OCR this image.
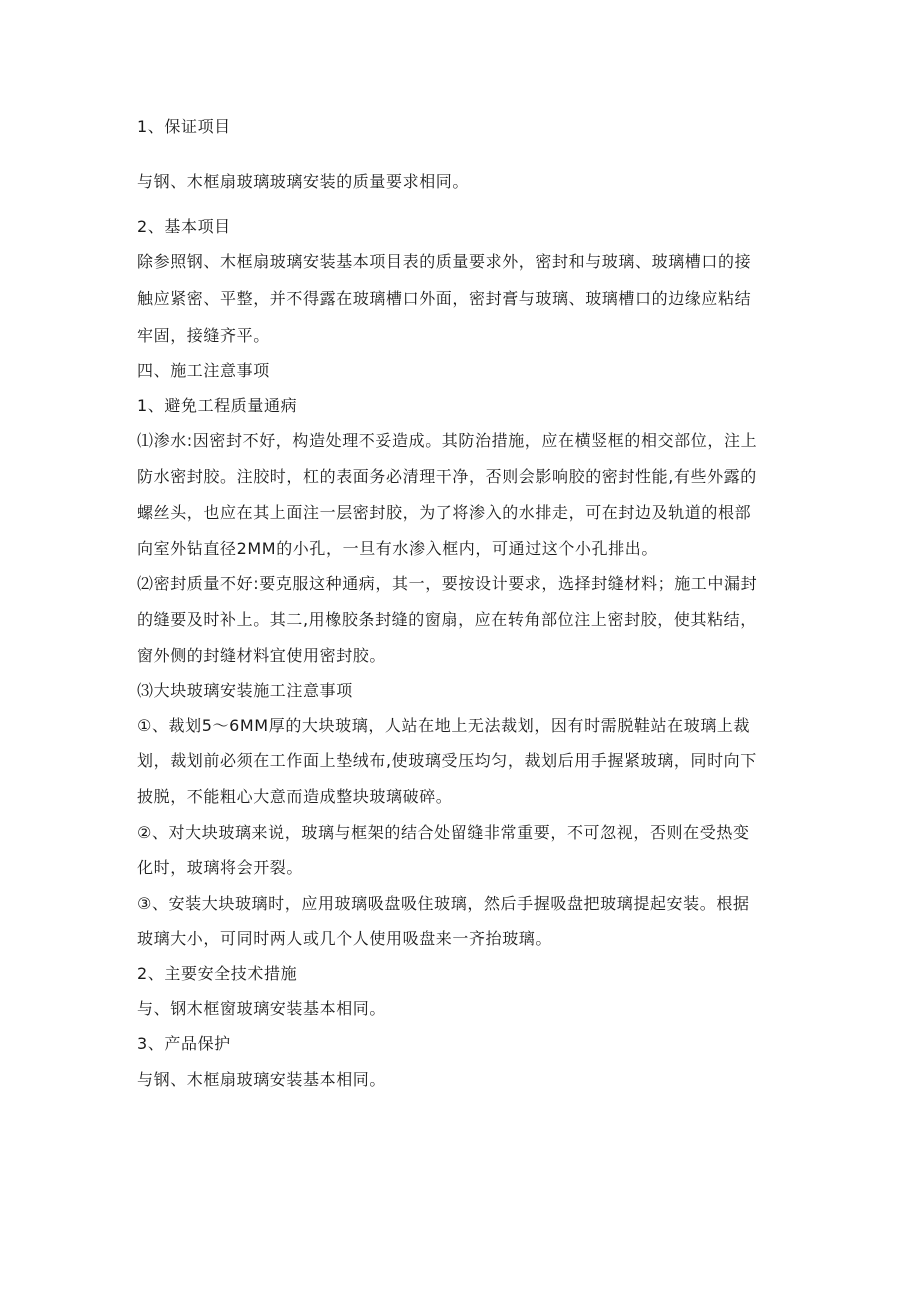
1、保证项目
与钢、木框扇玻璃玻璃安装的质量要求相同。
2、基本项目
除参照钢、木框扇玻璃安装基本项目表的质量要求外，密封和与玻璃、玻璃槽口的接
触应紧密、平整，并不得露在玻璃槽口外面，密封膏与玻璃、玻璃槽口的边缘应粘结
牢固，接缝齐平。
四、施工注意事项
1、避免工程质量通病
⑴渗水:因密封不好，构造处理不妥造成。其防治措施，应在横竖框的相交部位，注上
防水密封胶。注胶时，杠的表面务必清理干净，否则会影响胶的密封性能,有些外露的
螺丝头，也应在其上面注一层密封胶，为了将渗入的水排走，可在封边及轨道的根部
向室外钻直径2MM的小孔，一旦有水渗入框内，可通过这个小孔排出。
⑵密封质量不好:要克服这种通病，其一，要按设计要求，选择封缝材料；施工中漏封
的缝要及时补上。其二,用橡胶条封缝的窗扇，应在转角部位注上密封胶，使其粘结，
窗外侧的封缝材料宜使用密封胶。
⑶大块玻璃安装施工注意事项
①、裁划5～6MM厚的大块玻璃，人站在地上无法裁划，因有时需脱鞋站在玻璃上裁
划，裁划前必须在工作面上垫绒布,使玻璃受压均匀，裁划后用手握紧玻璃，同时向下
披脱，不能粗心大意而造成整块玻璃破碎。
②、对大块玻璃来说，玻璃与框架的结合处留缝非常重要，不可忽视，否则在受热变
化时，玻璃将会开裂。
③、安装大块玻璃时，应用玻璃吸盘吸住玻璃，然后手握吸盘把玻璃提起安装。根据
玻璃大小，可同时两人或几个人使用吸盘来一齐抬玻璃。
2、主要安全技术措施
与、钢木框窗玻璃安装基本相同。
3、产品保护
与钢、木框扇玻璃安装基本相同。
